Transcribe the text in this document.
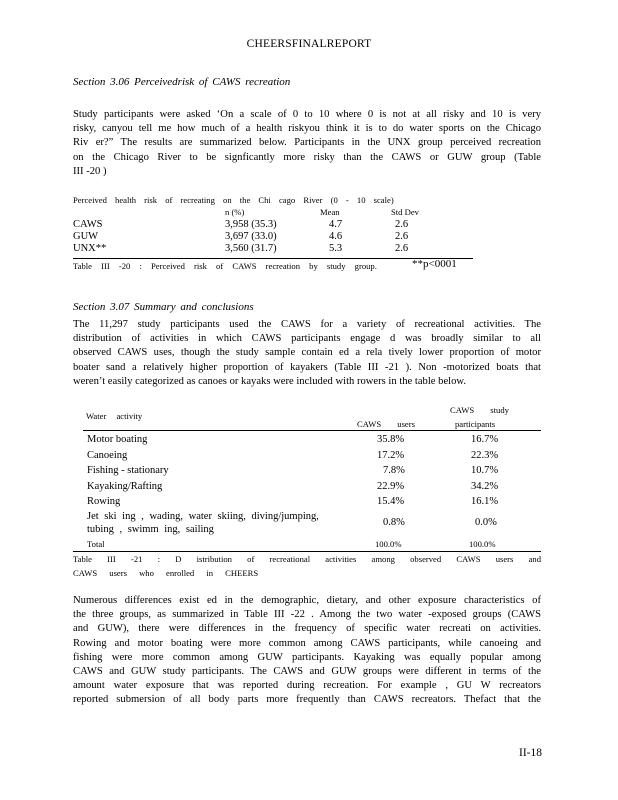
CHEERSFINALREPORT
Section 3.06 Perceivedrisk of CAWS recreation
Study participants were asked ‘On a scale of 0 to 10 where 0 is not at all risky and 10 is very
risky, canyou tell me how much of a health riskyou think it is to do water sports on the Chicago
Riv er?” The results are summarized below. Participants in the UNX group perceived recreation
on the Chicago River to be signficantly more risky than the CAWS or GUW group (Table
III -20 )
Perceived health risk of recreating on the Chi cago River (0 - 10 scale)
n (%)	Mean	Std Dev
CAWS	3,958 (35.3)	4.7	2.6
GUW	3,697 (33.0)	4.6	2.6
UNX**	3,560 (31.7)	5.3	2.6
Table III -20 : Perceived risk of CAWS recreation by study group.	**p<0001
Section 3.07 Summary and conclusions
The 11,297 study participants used the CAWS for a variety of recreational activities. The
distribution of activities in which CAWS participants engage d was broadly similar to all
observed CAWS uses, though the study sample contain ed a rela tively lower proportion of motor
boater sand a relatively higher proportion of kayakers (Table III -21 ). Non -motorized boats that
weren’t easily categorized as canoes or kayaks were included with rowers in the table below.
Water activity
CAWS users
CAWS study
participants
Motor boating	35.8%	16.7%
Canoeing	17.2%	22.3%
Fishing - stationary	7.8%	10.7%
Kayaking/Rafting	22.9%	34.2%
Rowing	15.4%	16.1%
Jet ski ing , wading, water skiing, diving/jumping,
tubing , swimm ing, sailing
0.8%	0.0%
Total	100.0%	100.0%
Table III -21 : D istribution of recreational activities among observed CAWS users and
CAWS users who enrolled in CHEERS
Numerous differences exist ed in the demographic, dietary, and other exposure characteristics of
the three groups, as summarized in Table III -22 . Among the two water -exposed groups (CAWS
and GUW), there were differences in the frequency of specific water recreati on activities.
Rowing and motor boating were more common among CAWS participants, while canoeing and
fishing were more common among GUW participants. Kayaking was equally popular among
CAWS and GUW study participants. The CAWS and GUW groups were different in terms of the
amount water exposure that was reported during recreation. For example , GU W recreators
reported submersion of all body parts more frequently than CAWS recreators. Thefact that the
II-18
